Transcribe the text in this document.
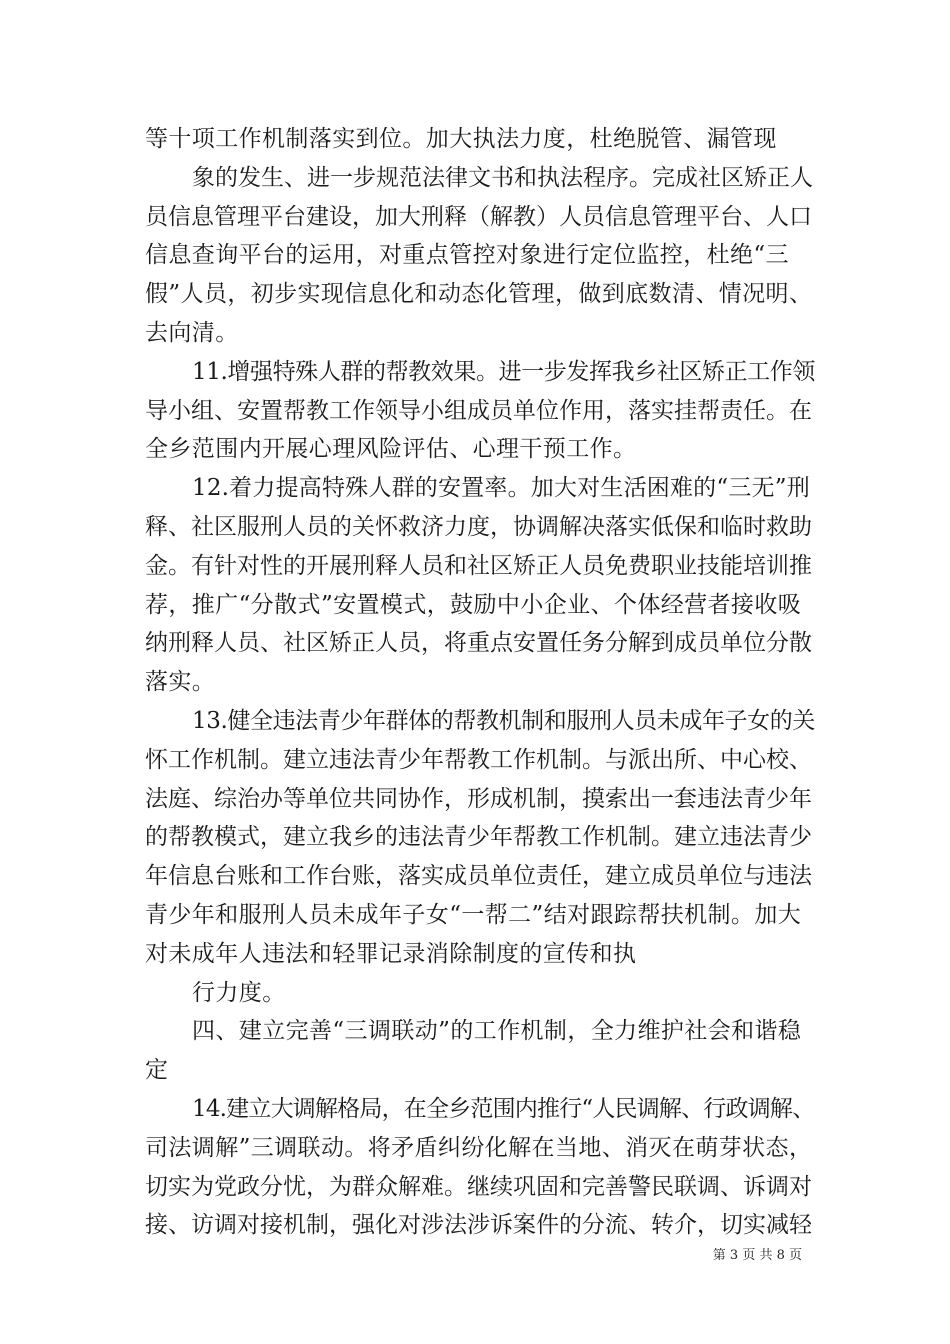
等十项工作机制落实到位。加大执法力度，杜绝脱管、漏管现
象的发生、进一步规范法律文书和执法程序。完成社区矫正人
员信息管理平台建设，加大刑释（解教）人员信息管理平台、人口
信息查询平台的运用，对重点管控对象进行定位监控，杜绝“三
假”人员，初步实现信息化和动态化管理，做到底数清、情况明、
去向清。
11.增强特殊人群的帮教效果。进一步发挥我乡社区矫正工作领
导小组、安置帮教工作领导小组成员单位作用，落实挂帮责任。在
全乡范围内开展心理风险评估、心理干预工作。
12.着力提高特殊人群的安置率。加大对生活困难的“三无”刑
释、社区服刑人员的关怀救济力度，协调解决落实低保和临时救助
金。有针对性的开展刑释人员和社区矫正人员免费职业技能培训推
荐，推广“分散式”安置模式，鼓励中小企业、个体经营者接收吸
纳刑释人员、社区矫正人员，将重点安置任务分解到成员单位分散
落实。
13.健全违法青少年群体的帮教机制和服刑人员未成年子女的关
怀工作机制。建立违法青少年帮教工作机制。与派出所、中心校、
法庭、综治办等单位共同协作，形成机制，摸索出一套违法青少年
的帮教模式，建立我乡的违法青少年帮教工作机制。建立违法青少
年信息台账和工作台账，落实成员单位责任，建立成员单位与违法
青少年和服刑人员未成年子女“一帮二”结对跟踪帮扶机制。加大
对未成年人违法和轻罪记录消除制度的宣传和执
行力度。
四、建立完善“三调联动”的工作机制，全力维护社会和谐稳
定
14.建立大调解格局，在全乡范围内推行“人民调解、行政调解、
司法调解”三调联动。将矛盾纠纷化解在当地、消灭在萌芽状态，
切实为党政分忧，为群众解难。继续巩固和完善警民联调、诉调对
接、访调对接机制，强化对涉法涉诉案件的分流、转介，切实减轻
第 3 页 共 8 页
